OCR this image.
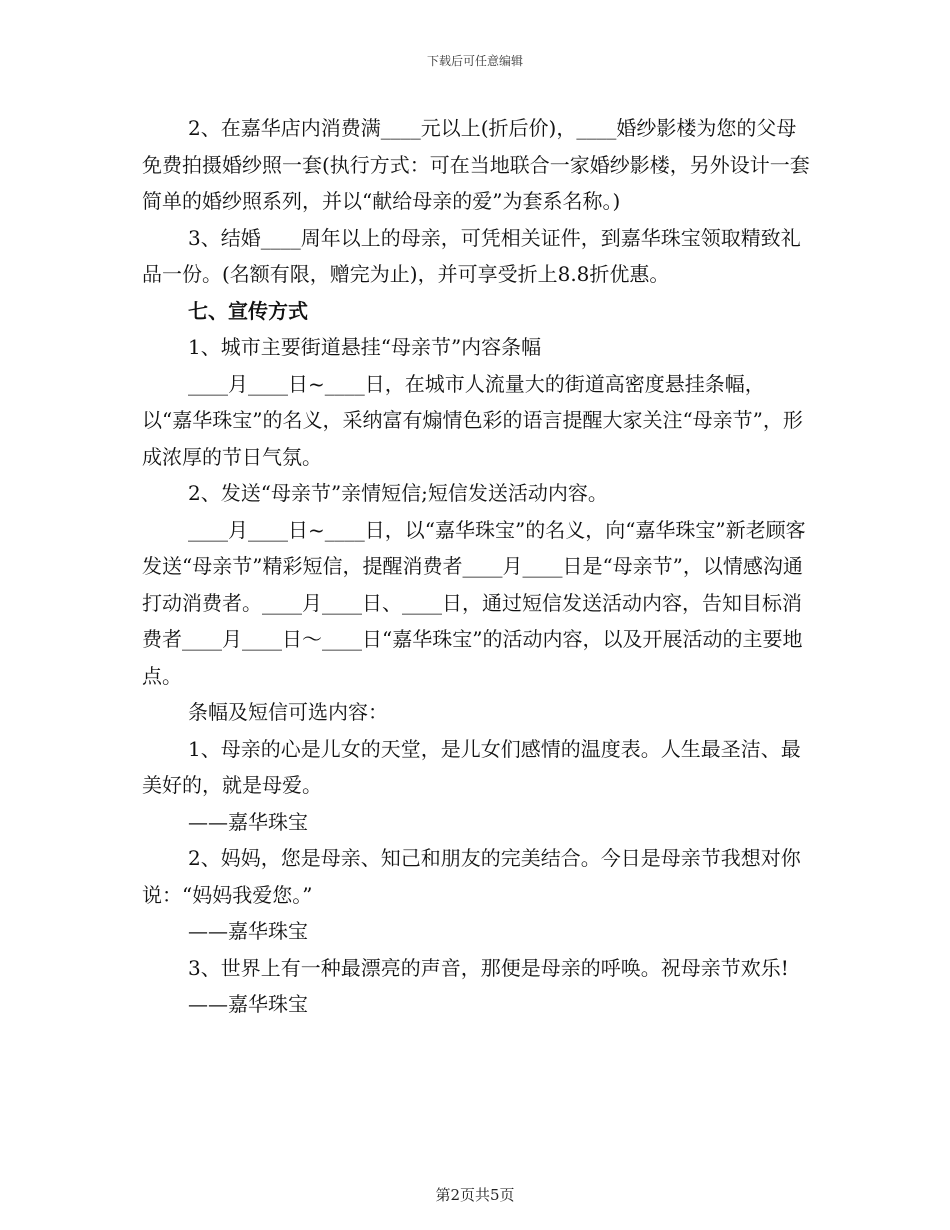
下载后可任意编辑

2、在嘉华店内消费满____元以上(折后价)，____婚纱影楼为您的父母免费拍摄婚纱照一套(执行方式：可在当地联合一家婚纱影楼，另外设计一套简单的婚纱照系列，并以“献给母亲的爱”为套系名称。)

3、结婚____周年以上的母亲，可凭相关证件，到嘉华珠宝领取精致礼品一份。(名额有限，赠完为止)，并可享受折上8.8折优惠。

七、宣传方式

1、城市主要街道悬挂“母亲节”内容条幅

____月____日~____日，在城市人流量大的街道高密度悬挂条幅，以“嘉华珠宝”的名义，采纳富有煽情色彩的语言提醒大家关注“母亲节”，形成浓厚的节日气氛。

2、发送“母亲节”亲情短信;短信发送活动内容。

____月____日~____日，以“嘉华珠宝”的名义，向“嘉华珠宝”新老顾客发送“母亲节”精彩短信，提醒消费者____月____日是“母亲节”，以情感沟通打动消费者。____月____日、____日，通过短信发送活动内容，告知目标消费者____月____日～____日“嘉华珠宝”的活动内容，以及开展活动的主要地点。

条幅及短信可选内容：

1、母亲的心是儿女的天堂，是儿女们感情的温度表。人生最圣洁、最美好的，就是母爱。

——嘉华珠宝

2、妈妈，您是母亲、知己和朋友的完美结合。今日是母亲节我想对你说：“妈妈我爱您。”

——嘉华珠宝

3、世界上有一种最漂亮的声音，那便是母亲的呼唤。祝母亲节欢乐!

——嘉华珠宝

第2页共5页
